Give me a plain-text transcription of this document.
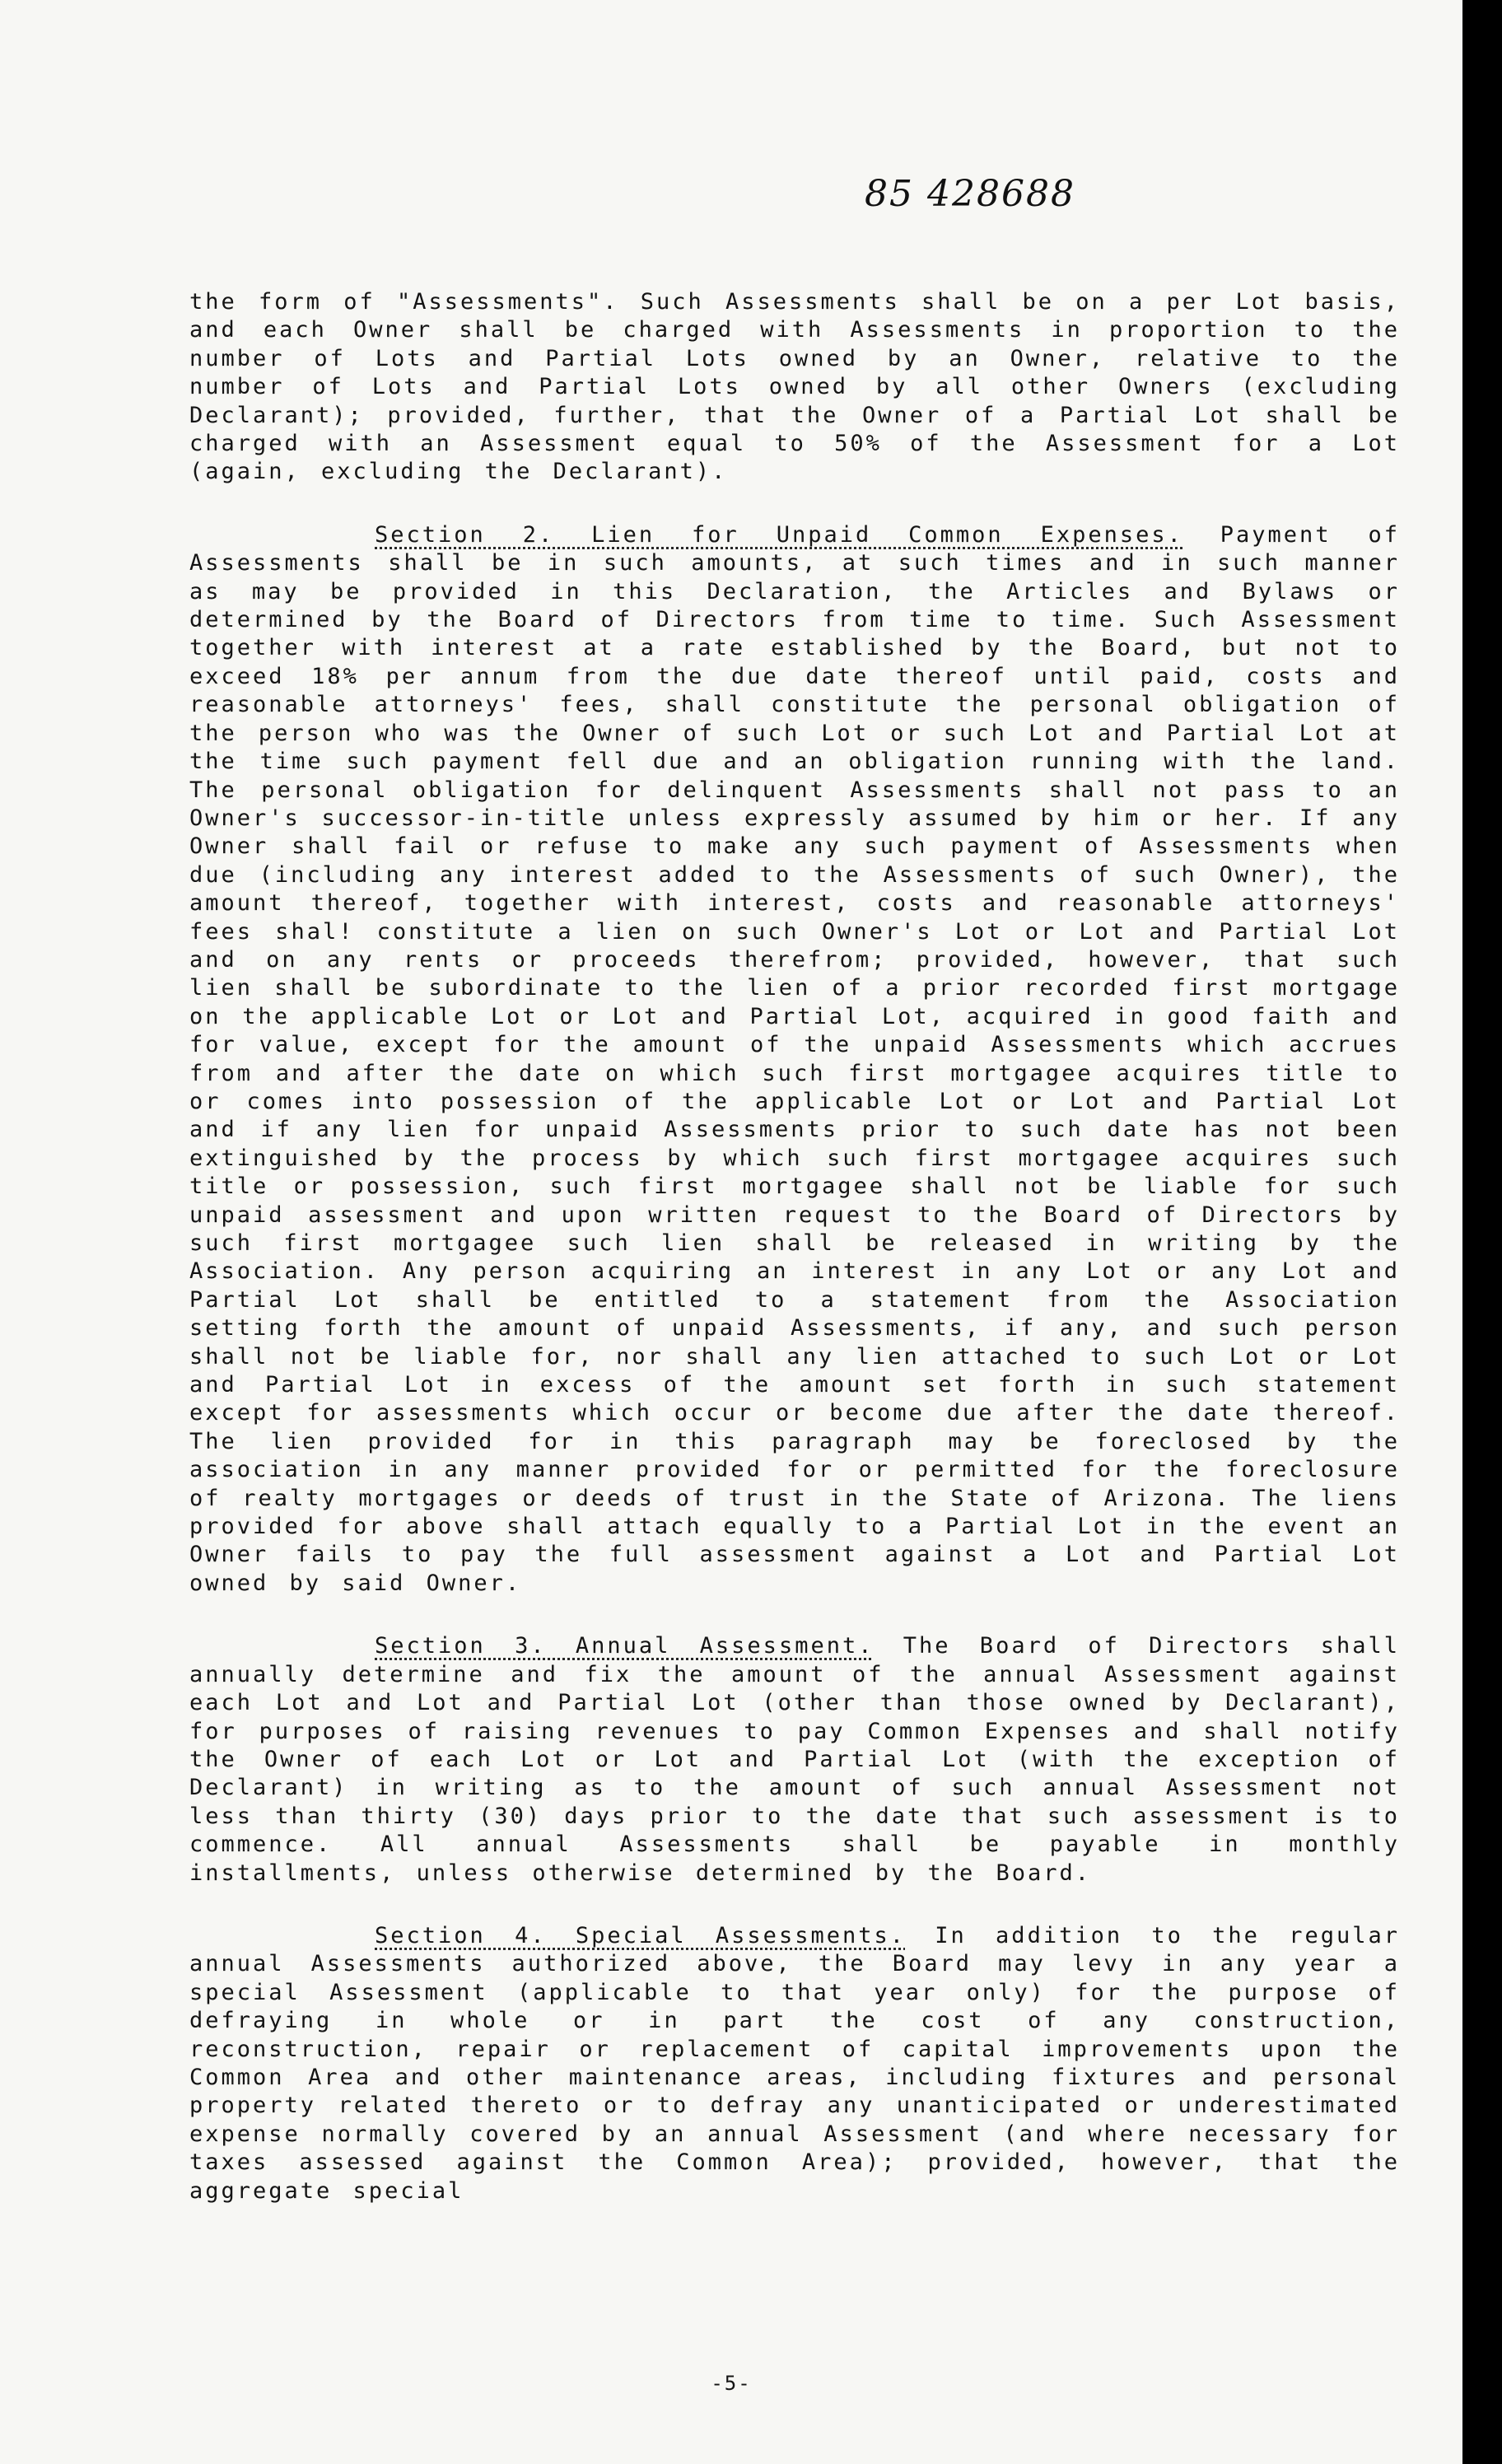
85 428688

the form of "Assessments". Such Assessments shall be on a per Lot basis, and each Owner shall be charged with Assessments in proportion to the number of Lots and Partial Lots owned by an Owner, relative to the number of Lots and Partial Lots owned by all other Owners (excluding Declarant); provided, further, that the Owner of a Partial Lot shall be charged with an Assessment equal to 50% of the Assessment for a Lot (again, excluding the Declarant).

Section 2. Lien for Unpaid Common Expenses. Payment of Assessments shall be in such amounts, at such times and in such manner as may be provided in this Declaration, the Articles and Bylaws or determined by the Board of Directors from time to time. Such Assessment together with interest at a rate established by the Board, but not to exceed 18% per annum from the due date thereof until paid, costs and reasonable attorneys' fees, shall constitute the personal obligation of the person who was the Owner of such Lot or such Lot and Partial Lot at the time such payment fell due and an obligation running with the land. The personal obligation for delinquent Assessments shall not pass to an Owner's successor-in-title unless expressly assumed by him or her. If any Owner shall fail or refuse to make any such payment of Assessments when due (including any interest added to the Assessments of such Owner), the amount thereof, together with interest, costs and reasonable attorneys' fees shal! constitute a lien on such Owner's Lot or Lot and Partial Lot and on any rents or proceeds therefrom; provided, however, that such lien shall be subordinate to the lien of a prior recorded first mortgage on the applicable Lot or Lot and Partial Lot, acquired in good faith and for value, except for the amount of the unpaid Assessments which accrues from and after the date on which such first mortgagee acquires title to or comes into possession of the applicable Lot or Lot and Partial Lot and if any lien for unpaid Assessments prior to such date has not been extinguished by the process by which such first mortgagee acquires such title or possession, such first mortgagee shall not be liable for such unpaid assessment and upon written request to the Board of Directors by such first mortgagee such lien shall be released in writing by the Association. Any person acquiring an interest in any Lot or any Lot and Partial Lot shall be entitled to a statement from the Association setting forth the amount of unpaid Assessments, if any, and such person shall not be liable for, nor shall any lien attached to such Lot or Lot and Partial Lot in excess of the amount set forth in such statement except for assessments which occur or become due after the date thereof. The lien provided for in this paragraph may be foreclosed by the association in any manner provided for or permitted for the foreclosure of realty mortgages or deeds of trust in the State of Arizona. The liens provided for above shall attach equally to a Partial Lot in the event an Owner fails to pay the full assessment against a Lot and Partial Lot owned by said Owner.

Section 3. Annual Assessment. The Board of Directors shall annually determine and fix the amount of the annual Assessment against each Lot and Lot and Partial Lot (other than those owned by Declarant), for purposes of raising revenues to pay Common Expenses and shall notify the Owner of each Lot or Lot and Partial Lot (with the exception of Declarant) in writing as to the amount of such annual Assessment not less than thirty (30) days prior to the date that such assessment is to commence. All annual Assessments shall be payable in monthly installments, unless otherwise determined by the Board.

Section 4. Special Assessments. In addition to the regular annual Assessments authorized above, the Board may levy in any year a special Assessment (applicable to that year only) for the purpose of defraying in whole or in part the cost of any construction, reconstruction, repair or replacement of capital improvements upon the Common Area and other maintenance areas, including fixtures and personal property related thereto or to defray any unanticipated or underestimated expense normally covered by an annual Assessment (and where necessary for taxes assessed against the Common Area); provided, however, that the aggregate special

-5-
